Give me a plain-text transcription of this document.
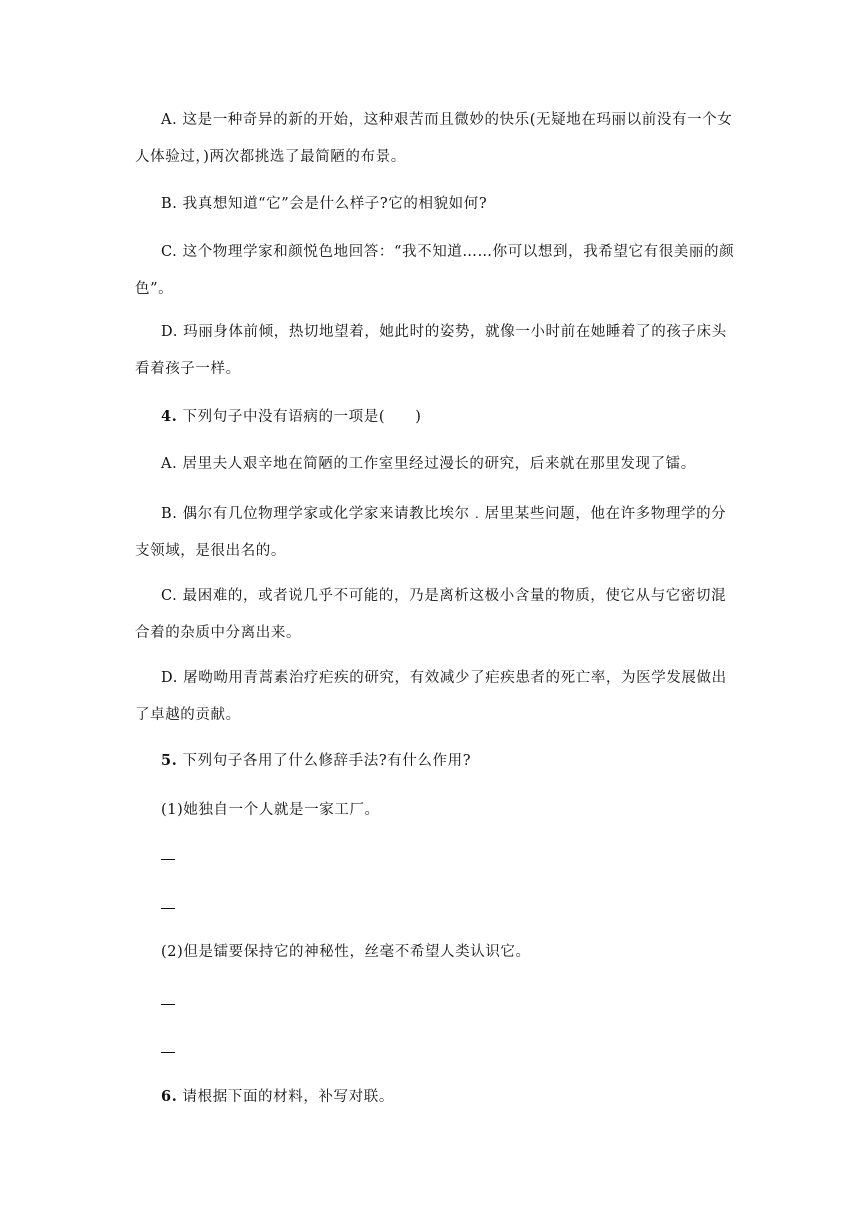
A. 这是一种奇异的新的开始，这种艰苦而且微妙的快乐(无疑地在玛丽以前没有一个女人体验过，)两次都挑选了最简陋的布景。
B. 我真想知道“它”会是什么样子?它的相貌如何?
C. 这个物理学家和颜悦色地回答：“我不知道……你可以想到，我希望它有很美丽的颜色”。
D. 玛丽身体前倾，热切地望着，她此时的姿势，就像一小时前在她睡着了的孩子床头看着孩子一样。
4. 下列句子中没有语病的一项是(　　)
A. 居里夫人艰辛地在简陋的工作室里经过漫长的研究，后来就在那里发现了镭。
B. 偶尔有几位物理学家或化学家来请教比埃尔﹒居里某些问题，他在许多物理学的分支领域，是很出名的。
C. 最困难的，或者说几乎不可能的，乃是离析这极小含量的物质，使它从与它密切混合着的杂质中分离出来。
D. 屠呦呦用青蒿素治疗疟疾的研究，有效减少了疟疾患者的死亡率，为医学发展做出了卓越的贡献。
5. 下列句子各用了什么修辞手法?有什么作用?
(1)她独自一个人就是一家工厂。
(2)但是镭要保持它的神秘性，丝毫不希望人类认识它。
6. 请根据下面的材料，补写对联。
